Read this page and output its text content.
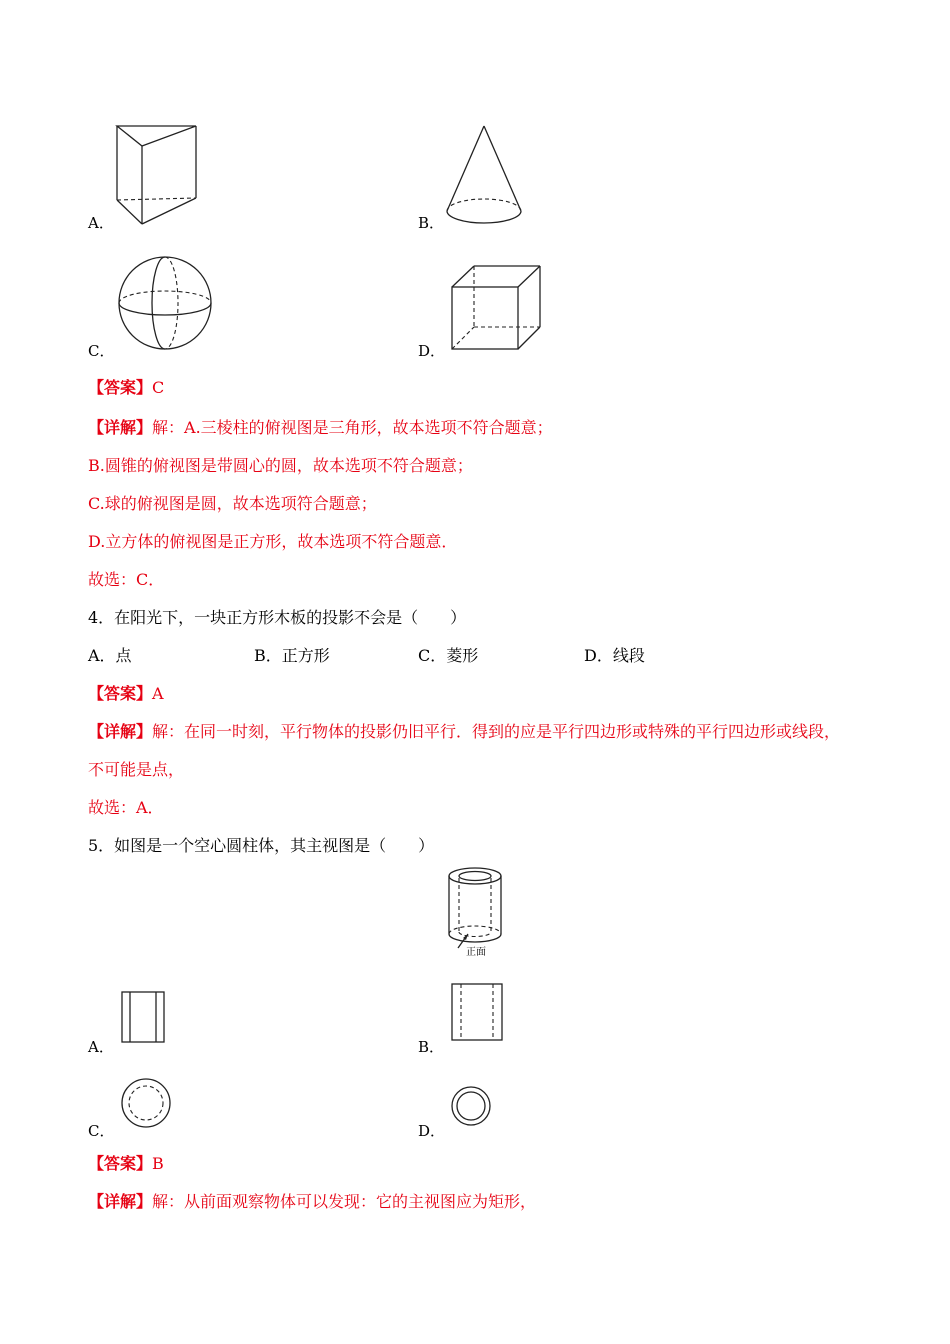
A．	B．
C．	D．
【答案】C
【详解】解：A.三棱柱的俯视图是三角形，故本选项不符合题意；
B.圆锥的俯视图是带圆心的圆，故本选项不符合题意；
C.球的俯视图是圆，故本选项符合题意；
D.立方体的俯视图是正方形，故本选项不符合题意．
故选：C．
4．在阳光下，一块正方形木板的投影不会是（　　）
A．点	B．正方形	C．菱形	D．线段
【答案】A
【详解】解：在同一时刻，平行物体的投影仍旧平行．得到的应是平行四边形或特殊的平行四边形或线段，
不可能是点，
故选：A．
5．如图是一个空心圆柱体，其主视图是（　　）
正面
A．	B．
C．	D．
【答案】B
【详解】解：从前面观察物体可以发现：它的主视图应为矩形，
